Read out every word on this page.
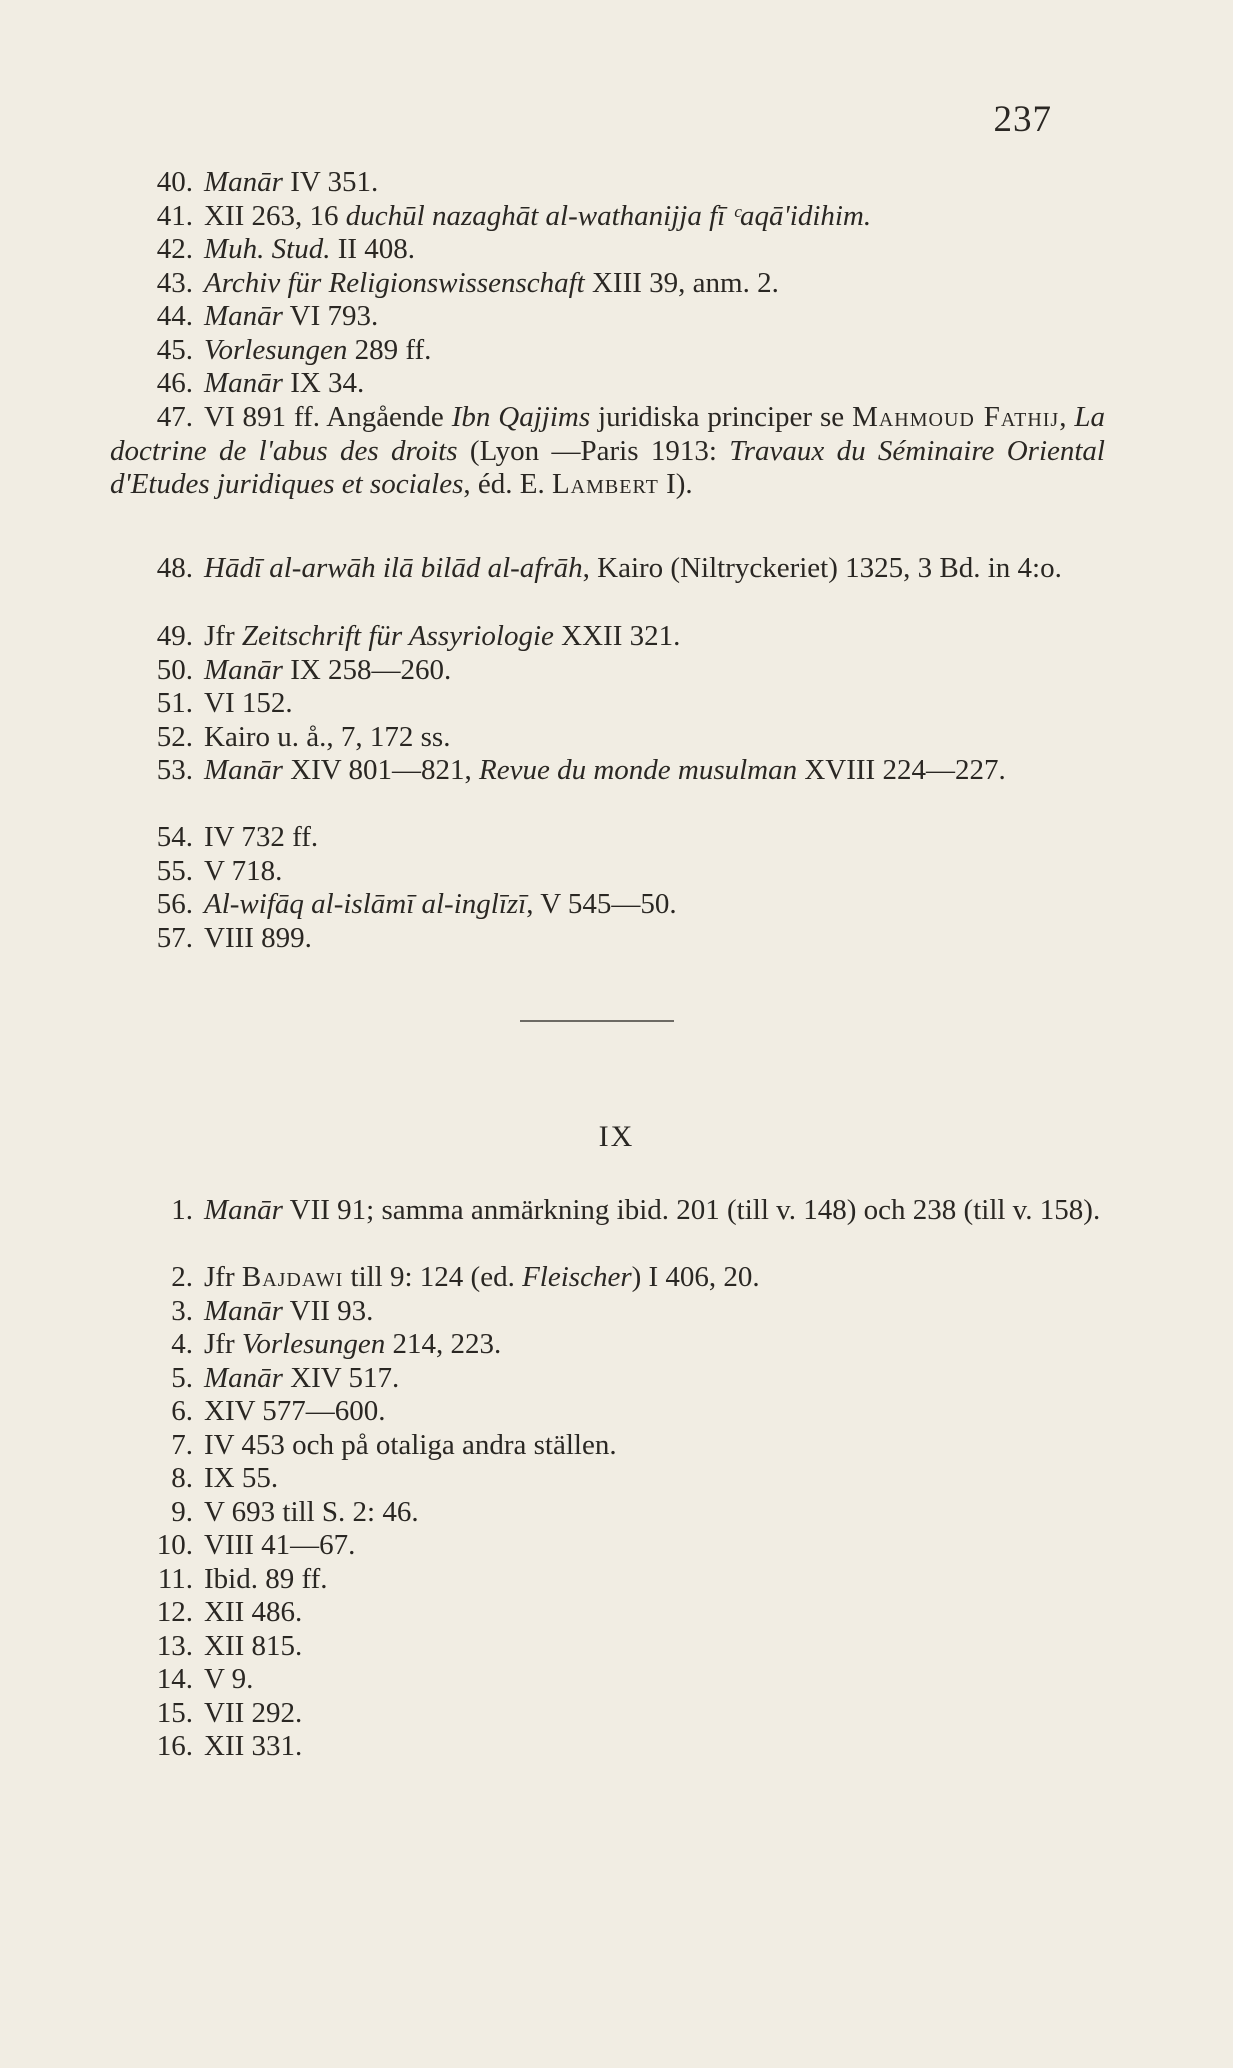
237
40. Manār IV 351.
41. XII 263, 16 duchūl nazaghāt al-wathanijja fī ᶜaqā'idihim.
42. Muh. Stud. II 408.
43. Archiv für Religionswissenschaft XIII 39, anm. 2.
44. Manār VI 793.
45. Vorlesungen 289 ff.
46. Manār IX 34.
47. VI 891 ff. Angående Ibn Qajjims juridiska principer se Mahmoud Fathij, La doctrine de l'abus des droits (Lyon —Paris 1913: Travaux du Séminaire Oriental d'Etudes juridiques et sociales, éd. E. Lambert I).
48. Hādī al-arwāh ilā bilād al-afrāh, Kairo (Niltryckeriet) 1325, 3 Bd. in 4:o.
49. Jfr Zeitschrift für Assyriologie XXII 321.
50. Manār IX 258—260.
51. VI 152.
52. Kairo u. å., 7, 172 ss.
53. Manār XIV 801—821, Revue du monde musulman XVIII 224—227.
54. IV 732 ff.
55. V 718.
56. Al-wifāq al-islāmī al-inglīzī, V 545—50.
57. VIII 899.
IX
1. Manār VII 91; samma anmärkning ibid. 201 (till v. 148) och 238 (till v. 158).
2. Jfr Bajdawi till 9: 124 (ed. Fleischer) I 406, 20.
3. Manār VII 93.
4. Jfr Vorlesungen 214, 223.
5. Manār XIV 517.
6. XIV 577—600.
7. IV 453 och på otaliga andra ställen.
8. IX 55.
9. V 693 till S. 2: 46.
10. VIII 41—67.
11. Ibid. 89 ff.
12. XII 486.
13. XII 815.
14. V 9.
15. VII 292.
16. XII 331.
